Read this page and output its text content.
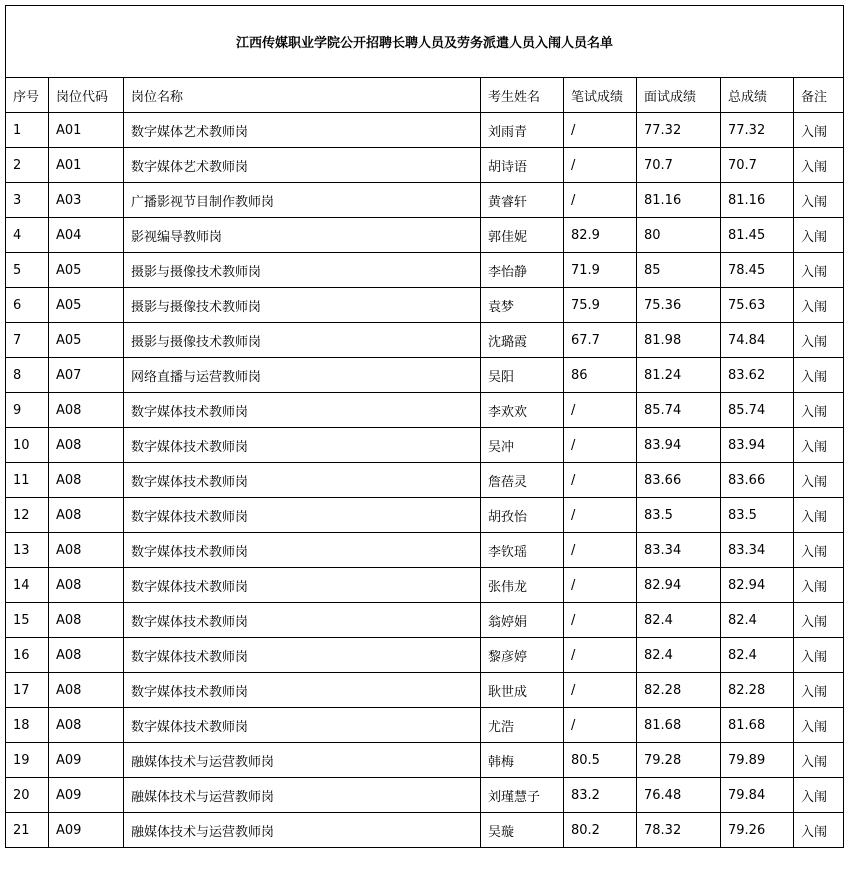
江西传媒职业学院公开招聘长聘人员及劳务派遣人员入闱人员名单							
序号	岗位代码	岗位名称	考生姓名	笔试成绩	面试成绩	总成绩	备注
1	A01	数字媒体艺术教师岗	刘雨青	/	77.32	77.32	入闱
2	A01	数字媒体艺术教师岗	胡诗语	/	70.7	70.7	入闱
3	A03	广播影视节目制作教师岗	黄睿轩	/	81.16	81.16	入闱
4	A04	影视编导教师岗	郭佳妮	82.9	80	81.45	入闱
5	A05	摄影与摄像技术教师岗	李怡静	71.9	85	78.45	入闱
6	A05	摄影与摄像技术教师岗	袁梦	75.9	75.36	75.63	入闱
7	A05	摄影与摄像技术教师岗	沈璐霞	67.7	81.98	74.84	入闱
8	A07	网络直播与运营教师岗	吴阳	86	81.24	83.62	入闱
9	A08	数字媒体技术教师岗	李欢欢	/	85.74	85.74	入闱
10	A08	数字媒体技术教师岗	吴冲	/	83.94	83.94	入闱
11	A08	数字媒体技术教师岗	詹蓓灵	/	83.66	83.66	入闱
12	A08	数字媒体技术教师岗	胡孜怡	/	83.5	83.5	入闱
13	A08	数字媒体技术教师岗	李钦瑶	/	83.34	83.34	入闱
14	A08	数字媒体技术教师岗	张伟龙	/	82.94	82.94	入闱
15	A08	数字媒体技术教师岗	翁婷娟	/	82.4	82.4	入闱
16	A08	数字媒体技术教师岗	黎彦婷	/	82.4	82.4	入闱
17	A08	数字媒体技术教师岗	耿世成	/	82.28	82.28	入闱
18	A08	数字媒体技术教师岗	尤浩	/	81.68	81.68	入闱
19	A09	融媒体技术与运营教师岗	韩梅	80.5	79.28	79.89	入闱
20	A09	融媒体技术与运营教师岗	刘瑾慧子	83.2	76.48	79.84	入闱
21	A09	融媒体技术与运营教师岗	吴璇	80.2	78.32	79.26	入闱
